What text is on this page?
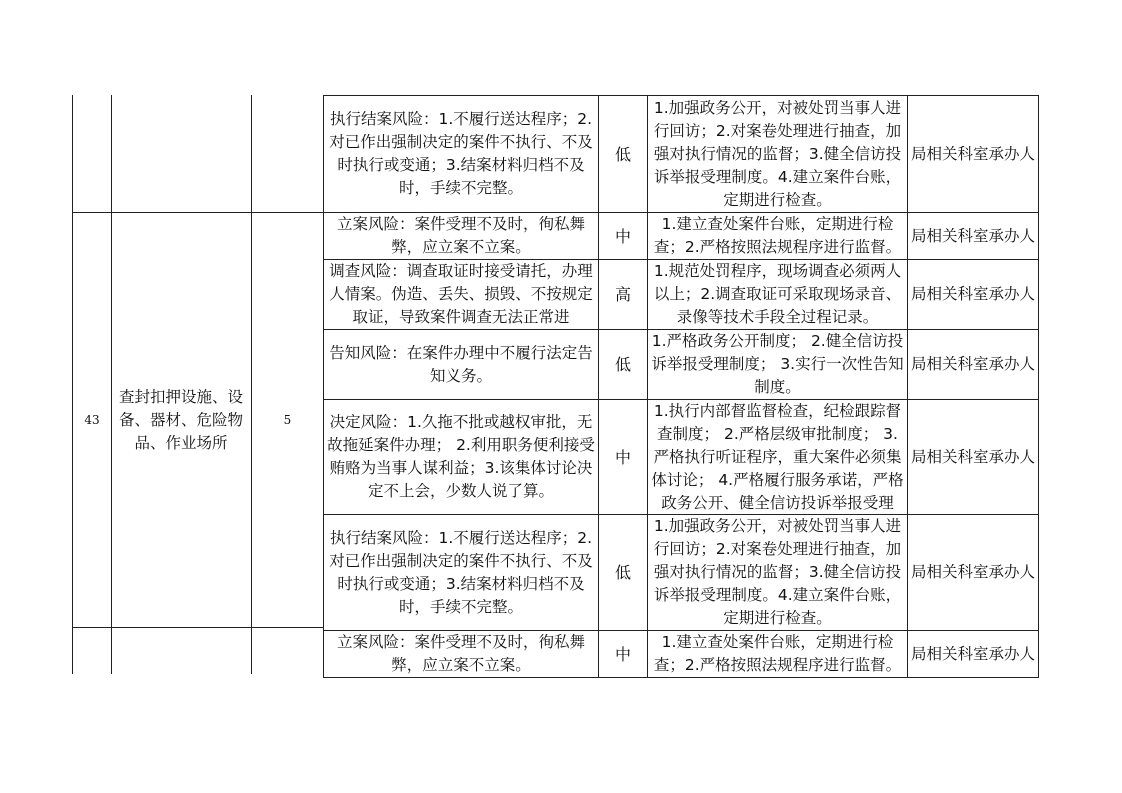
43
查封扣押设施、设备、器材、危险物品、作业场所
5
执行结案风险：1.不履行送达程序；2.对已作出强制决定的案件不执行、不及时执行或变通；3.结案材料归档不及时，手续不完整。	低	1.加强政务公开，对被处罚当事人进行回访；2.对案卷处理进行抽查，加强对执行情况的监督；3.健全信访投诉举报受理制度。4.建立案件台账，定期进行检查。	局相关科室承办人
立案风险：案件受理不及时，徇私舞弊，应立案不立案。	中	1.建立查处案件台账，定期进行检查；2.严格按照法规程序进行监督。	局相关科室承办人

调查风险：调查取证时接受请托，办理人情案。伪造、丢失、损毁、不按规定取证，导致案件调查无法正常进	高	1.规范处罚程序，现场调查必须两人以上；2.调查取证可采取现场录音、录像等技术手段全过程记录。	局相关科室承办人
告知风险：在案件办理中不履行法定告知义务。	低	1.严格政务公开制度； 2.健全信访投诉举报受理制度； 3.实行一次性告知制度。	局相关科室承办人
决定风险：1.久拖不批或越权审批，无故拖延案件办理； 2.利用职务便利接受贿赂为当事人谋利益；3.该集体讨论决定不上会，少数人说了算。	中	1.执行内部督监督检查，纪检跟踪督查制度； 2.严格层级审批制度； 3.严格执行听证程序，重大案件必须集体讨论； 4.严格履行服务承诺，严格政务公开、健全信访投诉举报受理	局相关科室承办人
执行结案风险：1.不履行送达程序；2.对已作出强制决定的案件不执行、不及时执行或变通；3.结案材料归档不及时，手续不完整。	低	1.加强政务公开，对被处罚当事人进行回访；2.对案卷处理进行抽查，加强对执行情况的监督；3.健全信访投诉举报受理制度。4.建立案件台账，定期进行检查。	局相关科室承办人
立案风险：案件受理不及时，徇私舞弊，应立案不立案。	中	1.建立查处案件台账，定期进行检查；2.严格按照法规程序进行监督。	局相关科室承办人
